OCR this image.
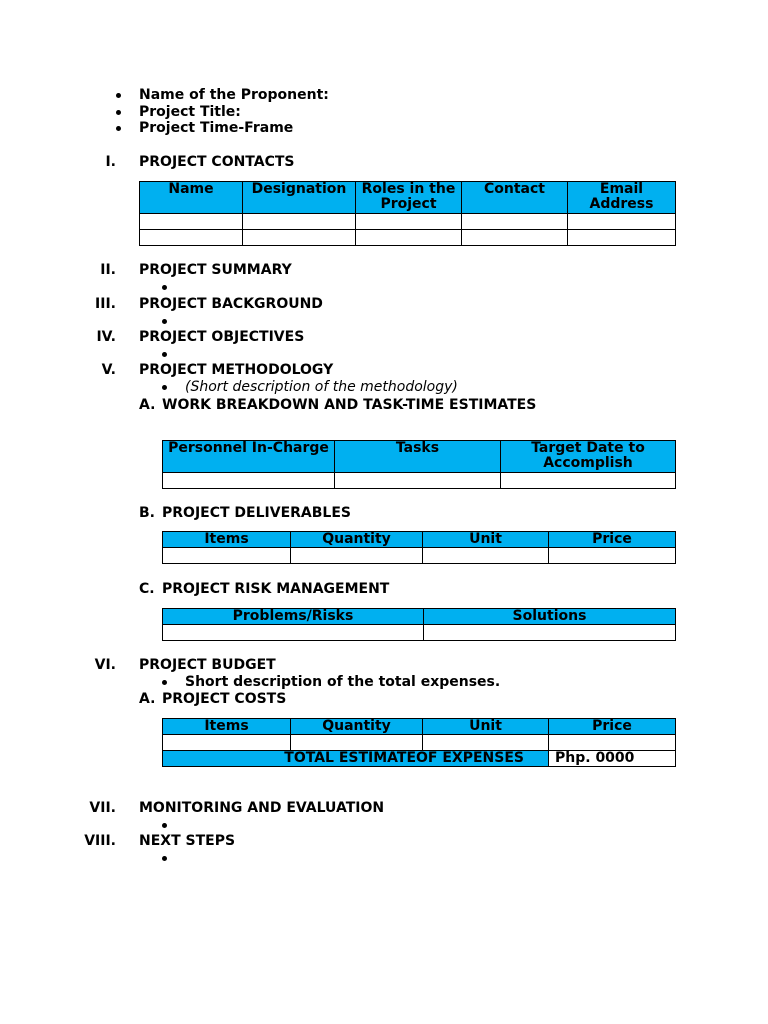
Name of the Proponent:
Project Title:
Project Time-Frame
I. PROJECT CONTACTS
Name	Designation	Roles in the Project	Contact	Email Address

II. PROJECT SUMMARY
III. PROJECT BACKGROUND
IV. PROJECT OBJECTIVES
V. PROJECT METHODOLOGY
(Short description of the methodology)
A. WORK BREAKDOWN AND TASK-TIME ESTIMATES
Personnel In-Charge	Tasks	Target Date to Accomplish

B. PROJECT DELIVERABLES
Items	Quantity	Unit	Price

C. PROJECT RISK MANAGEMENT
Problems/Risks	Solutions

VI. PROJECT BUDGET
Short description of the total expenses.
A. PROJECT COSTS
Items	Quantity	Unit	Price

TOTAL ESTIMATEOF EXPENSES			Php. 0000
VII. MONITORING AND EVALUATION
VIII. NEXT STEPS
